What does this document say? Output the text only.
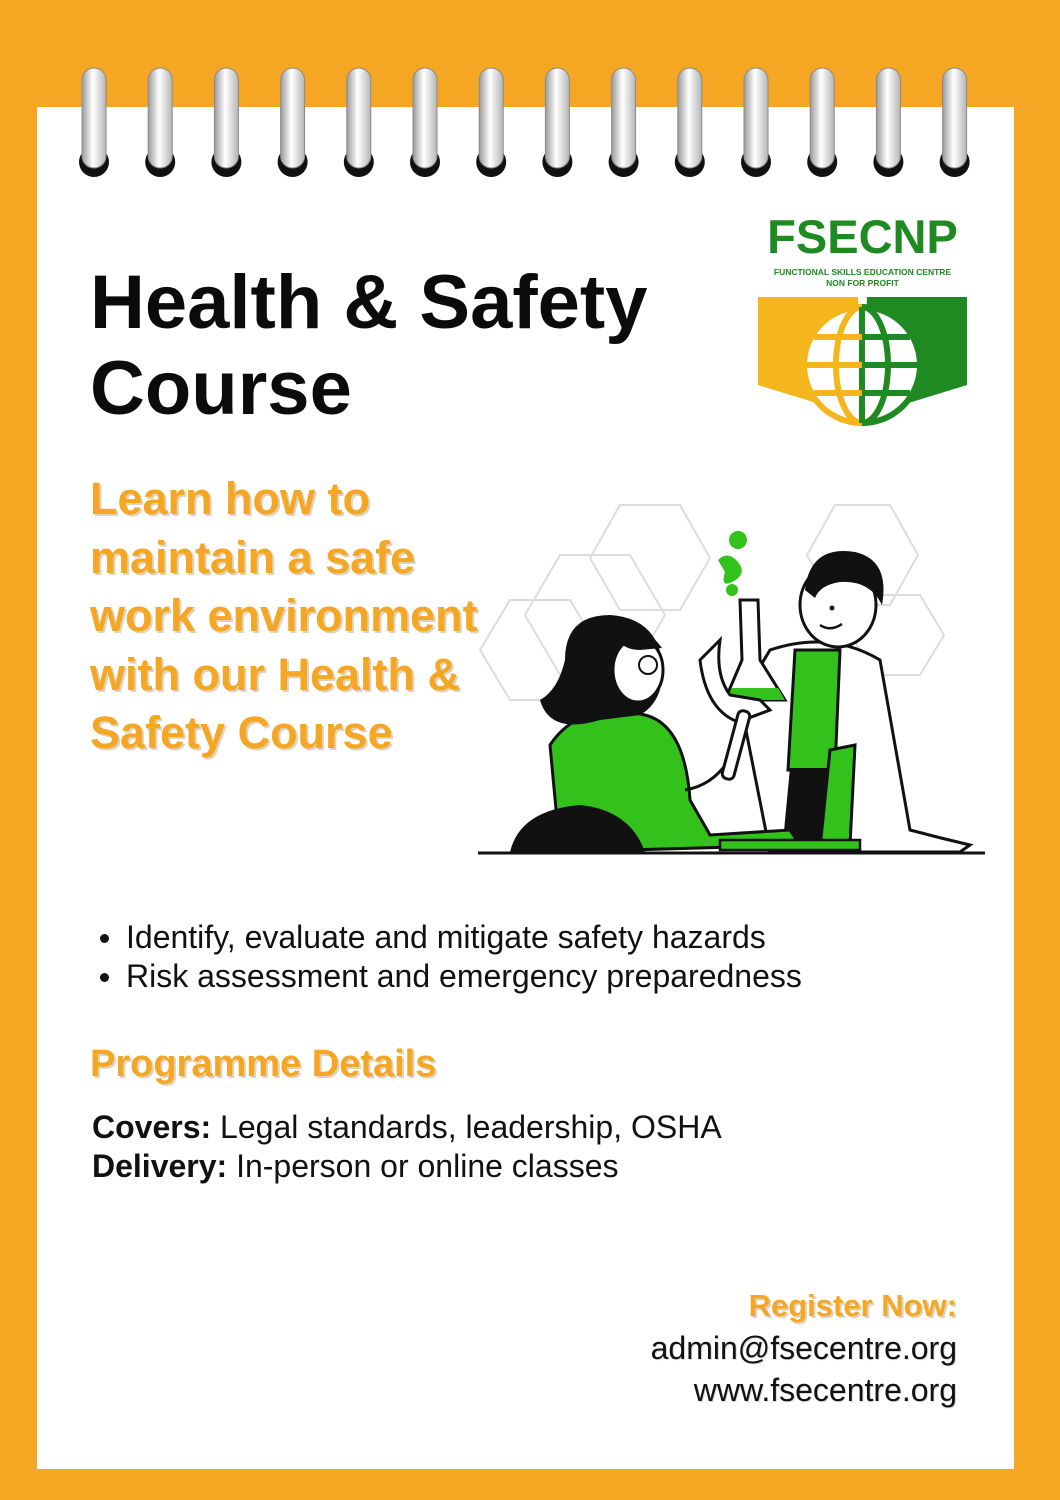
Health & Safety Course
FSECNP
FUNCTIONAL SKILLS EDUCATION CENTRE
NON FOR PROFIT

Learn how to maintain a safe work environment with our Health & Safety Course

Identify, evaluate and mitigate safety hazards
Risk assessment and emergency preparedness
Programme Details

Covers: Legal standards, leadership, OSHA

Delivery: In-person or online classes

Register Now:
admin@fsecentre.org
www.fsecentre.org
